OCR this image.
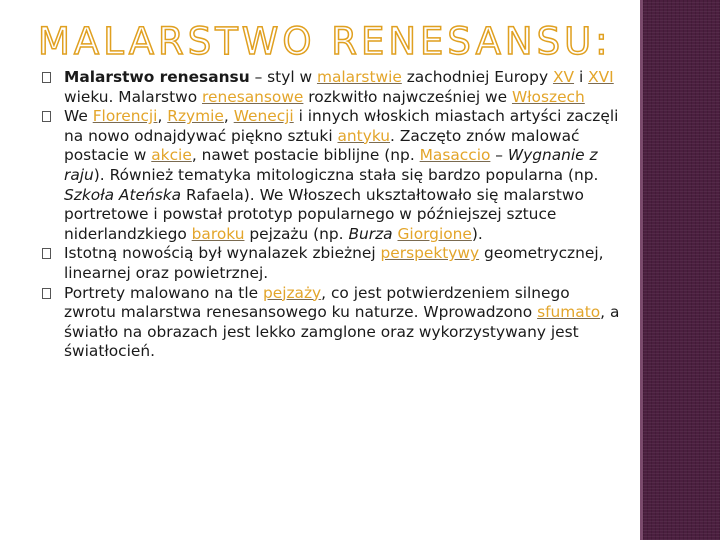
MALARSTWO RENESANSU:

Malarstwo renesansu – styl w malarstwie zachodniej Europy XV i XVI wieku. Malarstwo renesansowe rozkwitło najwcześniej we Włoszech

We Florencji, Rzymie, Wenecji i innych włoskich miastach artyści zaczęli na nowo odnajdywać piękno sztuki antyku. Zaczęto znów malować postacie w akcie, nawet postacie biblijne (np. Masaccio – Wygnanie z raju). Również tematyka mitologiczna stała się bardzo popularna (np. Szkoła Ateńska Rafaela). We Włoszech ukształtowało się malarstwo portretowe i powstał prototyp popularnego w późniejszej sztuce niderlandzkiego baroku pejzażu (np. Burza Giorgione).

Istotną nowością był wynalazek zbieżnej perspektywy geometrycznej, linearnej oraz powietrznej.

Portrety malowano na tle pejzaży, co jest potwierdzeniem silnego zwrotu malarstwa renesansowego ku naturze. Wprowadzono sfumato, a światło na obrazach jest lekko zamglone oraz wykorzystywany jest światłocień.
